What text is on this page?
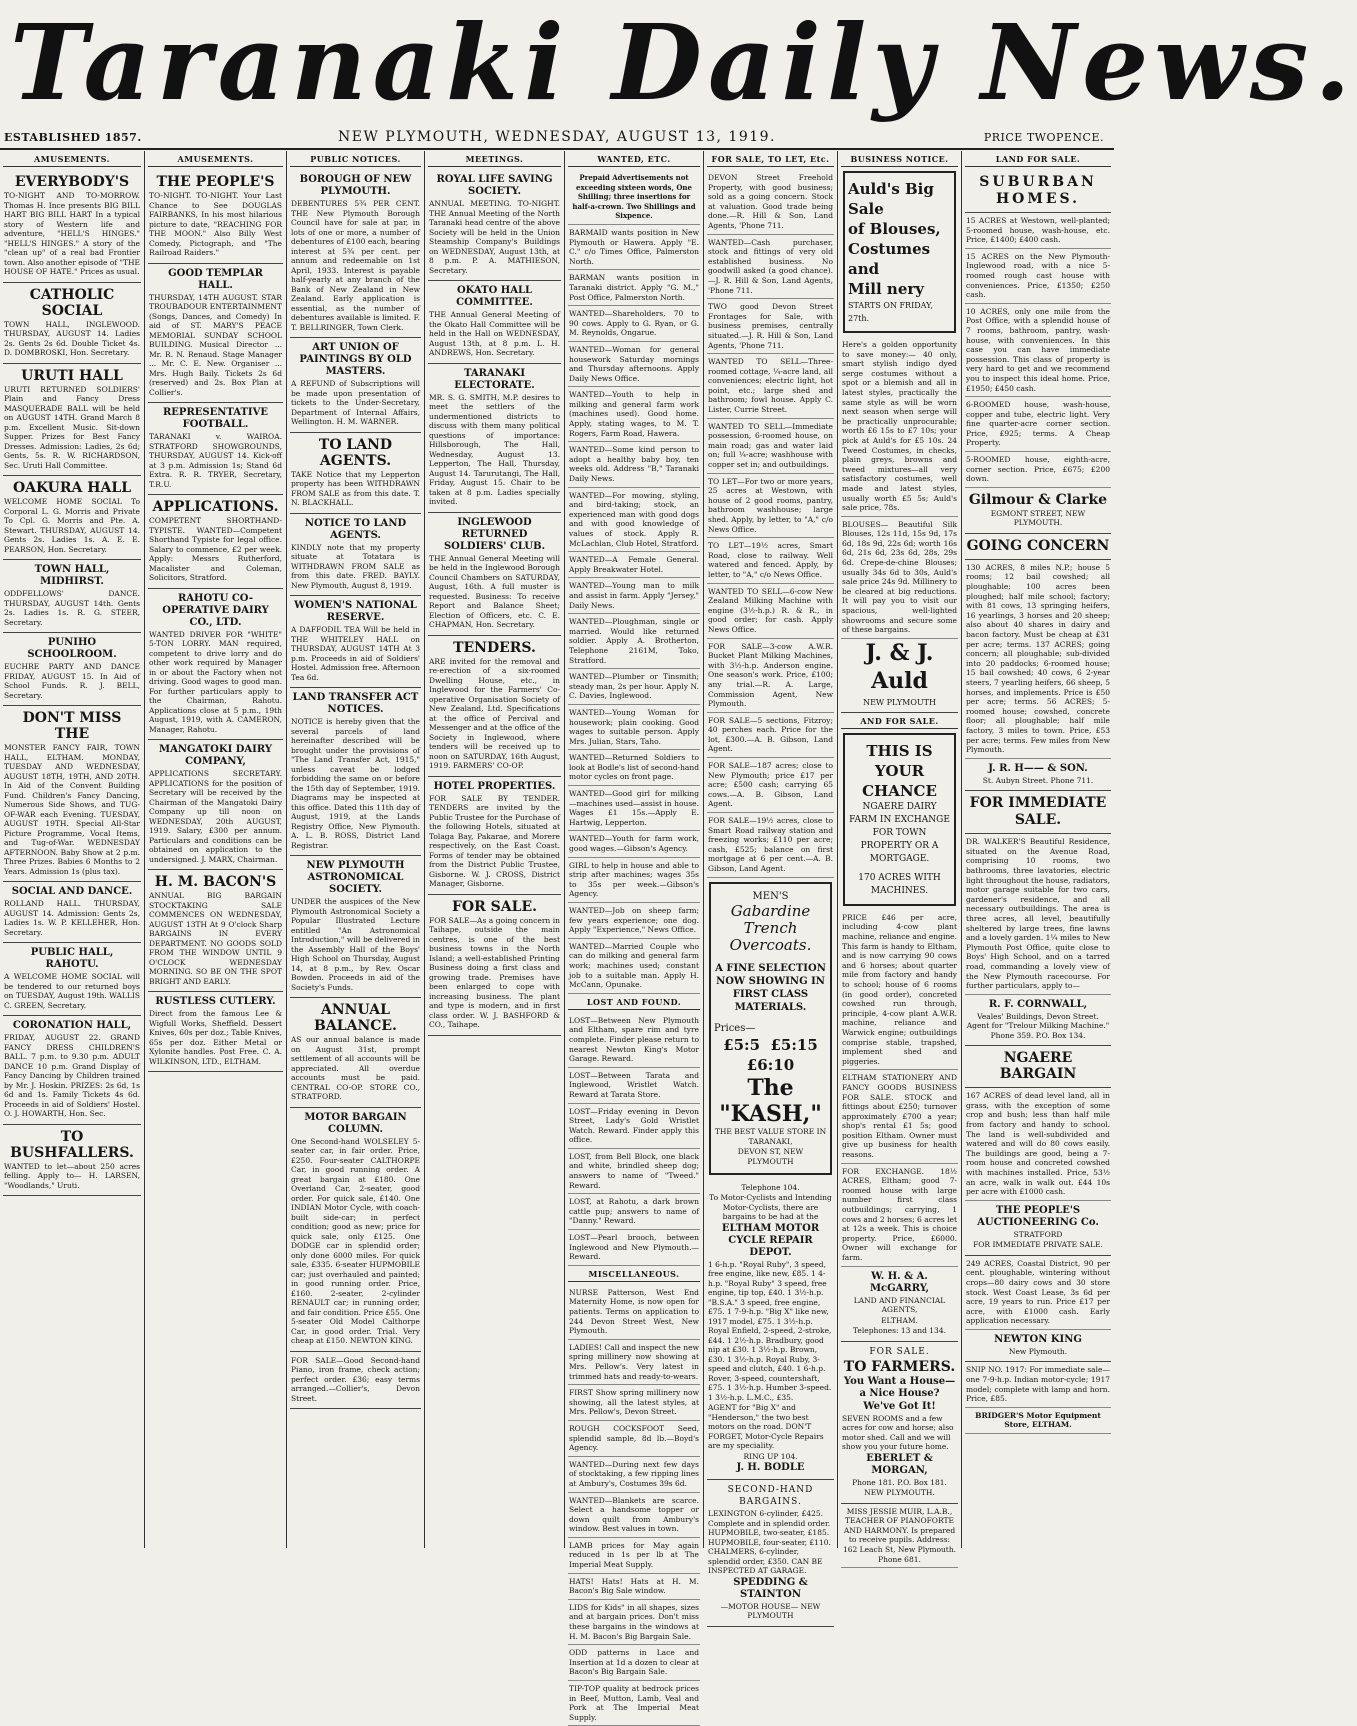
Taranaki Daily News.
ESTABLISHED 1857.	NEW PLYMOUTH, WEDNESDAY, AUGUST 13, 1919.	PRICE TWOPENCE.
AMUSEMENTS.

EVERYBODY'S

TO-NIGHT AND TO-MORROW. Thomas H. Ince presents BIG BILL HART BIG BILL HART In a typical story of Western life and adventure, "HELL'S HINGES." "HELL'S HINGES." A story of the "clean up" of a real bad Frontier town. Also another episode of "THE HOUSE OF HATE." Prices as usual.

CATHOLIC SOCIAL

TOWN HALL, INGLEWOOD. THURSDAY, AUGUST 14. Ladies 2s. Gents 2s 6d. Double Ticket 4s. D. DOMBROSKI, Hon. Secretary.

URUTI HALL

URUTI RETURNED SOLDIERS' Plain and Fancy Dress MASQUERADE BALL will be held on AUGUST 14TH. Grand March 8 p.m. Excellent Music. Sit-down Supper. Prizes for Best Fancy Dresses. Admission: Ladies, 2s 6d; Gents, 5s. R. W. RICHARDSON, Sec. Uruti Hall Committee.

OAKURA HALL

WELCOME HOME SOCIAL To Corporal L. G. Morris and Private To Cpl. G. Morris and Pte. A. Stewart. THURSDAY, AUGUST 14. Gents 2s. Ladies 1s. A. E. E. PEARSON, Hon. Secretary.

TOWN HALL, MIDHIRST.

ODDFELLOWS' DANCE. THURSDAY, AUGUST 14th. Gents 2s. Ladies 1s. R. G. STEER, Secretary.

PUNIHO SCHOOLROOM.

EUCHRE PARTY AND DANCE FRIDAY, AUGUST 15. In Aid of School Funds. R. J. BELL, Secretary.

DON'T MISS THE

MONSTER FANCY FAIR, TOWN HALL, ELTHAM. MONDAY, TUESDAY AND WEDNESDAY, AUGUST 18TH, 19TH, AND 20TH. In Aid of the Convent Building Fund. Children's Fancy Dancing, Numerous Side Shows, and TUG-OF-WAR each Evening. TUESDAY, AUGUST 19TH. Special All-Star Picture Programme, Vocal Items, and Tug-of-War. WEDNESDAY AFTERNOON. Baby Show at 2 p.m. Three Prizes. Babies 6 Months to 2 Years. Admission 1s (plus tax).

SOCIAL AND DANCE.

ROLLAND HALL. THURSDAY, AUGUST 14. Admission: Gents 2s, Ladies 1s. W. P. KELLEHER, Hon. Secretary.

PUBLIC HALL, RAHOTU.

A WELCOME HOME SOCIAL will be tendered to our returned boys on TUESDAY, August 19th. WALLIS C. GREEN, Secretary.

CORONATION HALL,

FRIDAY, AUGUST 22. GRAND FANCY DRESS CHILDREN'S BALL. 7 p.m. to 9.30 p.m. ADULT DANCE 10 p.m. Grand Display of Fancy Dancing by Children trained by Mr. J. Hoskin. PRIZES: 2s 6d, 1s 6d and 1s. Family Tickets 4s 6d. Proceeds in aid of Soldiers' Hostel. O. J. HOWARTH, Hon. Sec.

TO BUSHFALLERS.

WANTED to let—about 250 acres felling. Apply to— H. LARSEN, "Woodlands," Uruti.

AMUSEMENTS.

THE PEOPLE'S

TO-NIGHT. TO-NIGHT. Your Last Chance to See DOUGLAS FAIRBANKS, In his most hilarious picture to date, "REACHING FOR THE MOON." Also Billy West Comedy, Pictograph, and "The Railroad Raiders."

GOOD TEMPLAR HALL.

THURSDAY, 14TH AUGUST. STAR TROUBADOUR ENTERTAINMENT (Songs, Dances, and Comedy) In aid of ST. MARY'S PEACE MEMORIAL SUNDAY SCHOOL BUILDING. Musical Director ... Mr. R. N. Renaud. Stage Manager ... Mr. C. E. New. Organiser ... Mrs. Hugh Baily. Tickets 2s 6d (reserved) and 2s. Box Plan at Collier's.

REPRESENTATIVE FOOTBALL.

TARANAKI v. WAIROA. STRATFORD SHOWGROUNDS, THURSDAY, AUGUST 14. Kick-off at 3 p.m. Admission 1s; Stand 6d Extra. R. R. TRYER, Secretary, T.R.U.

APPLICATIONS.

COMPETENT SHORTHAND-TYPISTE. WANTED—Competent Shorthand Typiste for legal office. Salary to commence, £2 per week. Apply: Messrs Rutherford, Macalister and Coleman, Solicitors, Stratford.

RAHOTU CO-OPERATIVE DAIRY CO., LTD.

WANTED DRIVER FOR "WHITE" 5-TON LORRY. MAN required, competent to drive lorry and do other work required by Manager in or about the Factory when not driving. Good wages to good man. For further particulars apply to the Chairman, Rahotu. Applications close at 5 p.m., 19th August, 1919, with A. CAMERON, Manager, Rahotu.

MANGATOKI DAIRY COMPANY,

APPLICATIONS SECRETARY. APPLICATIONS for the position of Secretary will be received by the Chairman of the Mangatoki Dairy Company up till noon on WEDNESDAY, 20th AUGUST, 1919. Salary, £300 per annum. Particulars and conditions can be obtained on application to the undersigned. J. MARX, Chairman.

H. M. BACON'S

ANNUAL BIG BARGAIN STOCKTAKING SALE COMMENCES ON WEDNESDAY, AUGUST 13TH At 9 O'clock Sharp BARGAINS IN EVERY DEPARTMENT. NO GOODS SOLD FROM THE WINDOW UNTIL 9 O'CLOCK WEDNESDAY MORNING. SO BE ON THE SPOT BRIGHT AND EARLY.

RUSTLESS CUTLERY.

Direct from the famous Lee & Wigfull Works, Sheffield. Dessert Knives, 60s per doz.; Table Knives, 65s per doz. Either Metal or Xylonite handles. Post Free. C. A. WILKINSON, LTD., ELTHAM.

PUBLIC NOTICES.

BOROUGH OF NEW PLYMOUTH.

DEBENTURES 5¾ PER CENT. THE New Plymouth Borough Council have for sale at par, in lots of one or more, a number of debentures of £100 each, bearing interest at 5¾ per cent. per annum and redeemable on 1st April, 1933. Interest is payable half-yearly at any branch of the Bank of New Zealand in New Zealand. Early application is essential, as the number of debentures available is limited. F. T. BELLRINGER, Town Clerk.

ART UNION OF PAINTINGS BY OLD MASTERS.

A REFUND of Subscriptions will be made upon presentation of tickets to the Under-Secretary, Department of Internal Affairs, Wellington. H. M. WARNER.

TO LAND AGENTS.

TAKE Notice that my Lepperton property has been WITHDRAWN FROM SALE as from this date. T. N. BLACKHALL.

NOTICE TO LAND AGENTS.

KINDLY note that my property situate at Totatara is WITHDRAWN FROM SALE as from this date. FRED. BAYLY. New Plymouth, August 8, 1919.

WOMEN'S NATIONAL RESERVE.

A DAFFODIL TEA Will be held in THE WHITELEY HALL on THURSDAY, AUGUST 14TH At 3 p.m. Proceeds in aid of Soldiers' Hostel. Admission free. Afternoon Tea 6d.

LAND TRANSFER ACT NOTICES.

NOTICE is hereby given that the several parcels of land hereinafter described will be brought under the provisions of "The Land Transfer Act, 1915," unless caveat be lodged forbidding the same on or before the 15th day of September, 1919. Diagrams may be inspected at this office. Dated this 11th day of August, 1919, at the Lands Registry Office, New Plymouth. A. L. B. ROSS, District Land Registrar.

NEW PLYMOUTH ASTRONOMICAL SOCIETY.

UNDER the auspices of the New Plymouth Astronomical Society a Popular Illustrated Lecture entitled "An Astronomical Introduction," will be delivered in the Assembly Hall of the Boys' High School on Thursday, August 14, at 8 p.m., by Rev. Oscar Bowden. Proceeds in aid of the Society's Funds.

ANNUAL BALANCE.

AS our annual balance is made on August 31st, prompt settlement of all accounts will be appreciated. All overdue accounts must be paid. CENTRAL CO-OP. STORE CO., STRATFORD.

MOTOR BARGAIN COLUMN.

One Second-hand WOLSELEY 5-seater car, in fair order. Price, £250. Four-seater CALTHORPE Car, in good running order. A great bargain at £180. One Overland Car, 2-seater, good order. For quick sale, £140. One INDIAN Motor Cycle, with coach-built side-car; in perfect condition; good as new; price for quick sale, only £125. One DODGE car in splendid order; only done 6000 miles. For quick sale, £335. 6-seater HUPMOBILE car; just overhauled and painted; in good running order. Price, £160. 2-seater, 2-cylinder RENAULT car; in running order, and fair condition. Price £55. One 5-seater Old Model Calthorpe Car, in good order. Trial. Very cheap at £150. NEWTON KING.

FOR SALE—Good Second-hand Piano, iron frame, check action; perfect order. £36; easy terms arranged.—Collier's, Devon Street.

MEETINGS.

ROYAL LIFE SAVING SOCIETY.

ANNUAL MEETING. TO-NIGHT. THE Annual Meeting of the North Taranaki head centre of the above Society will be held in the Union Steamship Company's Buildings on WEDNESDAY, August 13th, at 8 p.m. P. A. MATHIESON, Secretary.

OKATO HALL COMMITTEE.

THE Annual General Meeting of the Okato Hall Committee will be held in the Hall on WEDNESDAY, August 13th, at 8 p.m. L. H. ANDREWS, Hon. Secretary.

TARANAKI ELECTORATE.

MR. S. G. SMITH, M.P. desires to meet the settlers of the undermentioned districts to discuss with them many political questions of importance: Hillsborough, The Hall, Wednesday, August 13. Lepperton, The Hall, Thursday, August 14. Tarurutangi, The Hall, Friday, August 15. Chair to be taken at 8 p.m. Ladies specially invited.

INGLEWOOD RETURNED SOLDIERS' CLUB.

THE Annual General Meeting will be held in the Inglewood Borough Council Chambers on SATURDAY, August, 16th. A full muster is requested. Business: To receive Report and Balance Sheet; Election of Officers, etc. C. E. CHAPMAN, Hon. Secretary.

TENDERS.

ARE invited for the removal and re-erection of a six-roomed Dwelling House, etc., in Inglewood for the Farmers' Co-operative Organisation Society of New Zealand, Ltd. Specifications at the office of Percival and Messenger and at the office of the Society in Inglewood, where tenders will be received up to noon on SATURDAY, 16th August, 1919. FARMERS' CO-OP.

HOTEL PROPERTIES.

FOR SALE BY TENDER. TENDERS are invited by the Public Trustee for the Purchase of the following Hotels, situated at Tolaga Bay, Pakarae, and Morere respectively, on the East Coast. Forms of tender may be obtained from the District Public Trustee, Gisborne. W. J. CROSS, District Manager, Gisborne.

FOR SALE.

FOR SALE—As a going concern in Taihape, outside the main centres, is one of the best business towns in the North Island; a well-established Printing Business doing a first class and growing trade. Premises have been enlarged to cope with increasing business. The plant and type is modern, and in first class order. W. J. BASHFORD & CO., Taihape.

WANTED, ETC.
Prepaid Advertisements not exceeding sixteen words, One Shilling; three insertions for half-a-crown. Two Shillings and Sixpence.
BARMAID wants position in New Plymouth or Hawera. Apply "E. C." c/o Times Office, Palmerston North.
BARMAN wants position in Taranaki district. Apply "G. M.," Post Office, Palmerston North.
WANTED—Shareholders, 70 to 90 cows. Apply to G. Ryan, or G. M. Reynolds, Ongarue.
WANTED—Woman for general housework Saturday mornings and Thursday afternoons. Apply Daily News Office.
WANTED—Youth to help in milking and general farm work (machines used). Good home. Apply, stating wages, to M. T. Rogers, Farm Road, Hawera.
WANTED—Some kind person to adopt a healthy baby boy, ten weeks old. Address "B," Taranaki Daily News.
WANTED—For mowing, styling, and bird-taking; stock, an experienced man with good dogs and with good knowledge of values of stock. Apply R. McLachlan, Club Hotel, Stratford.
WANTED—A Female General. Apply Breakwater Hotel.
WANTED—Young man to milk and assist in farm. Apply "Jersey," Daily News.
WANTED—Ploughman, single or married. Would like returned soldier. Apply A. Brotherton, Telephone 2161M, Toko, Stratford.
WANTED—Plumber or Tinsmith; steady man, 2s per hour. Apply N. C. Davies, Inglewood.
WANTED—Young Woman for housework; plain cooking. Good wages to suitable person. Apply Mrs. Julian, Stars, Taho.
WANTED—Returned Soldiers to look at Bodle's list of second-hand motor cycles on front page.
WANTED—Good girl for milking—machines used—assist in house. Wages £1 15s.—Apply E. Hartwig, Lepperton.
WANTED—Youth for farm work, good wages.—Gibson's Agency.
GIRL to help in house and able to strip after machines; wages 35s to 35s per week.—Gibson's Agency.
WANTED—Job on sheep farm; few years experience; one dog. Apply "Experience," News Office.
WANTED—Married Couple who can do milking and general farm work; machines used; constant job to a suitable man. Apply H. McCann, Opunake.
LOST AND FOUND.
LOST—Between New Plymouth and Eltham, spare rim and tyre complete. Finder please return to nearest Newton King's Motor Garage. Reward.
LOST—Between Tarata and Inglewood, Wristlet Watch. Reward at Tarata Store.
LOST—Friday evening in Devon Street, Lady's Gold Wristlet Watch. Reward. Finder apply this office.
LOST, from Bell Block, one black and white, brindled sheep dog; answers to name of "Tweed." Reward.
LOST, at Rahotu, a dark brown cattle pup; answers to name of "Danny." Reward.
LOST—Pearl brooch, between Inglewood and New Plymouth.—Reward.
MISCELLANEOUS.
NURSE Patterson, West End Maternity Home, is now open for patients. Terms on application to 244 Devon Street West, New Plymouth.
LADIES! Call and inspect the new spring millinery now showing at Mrs. Pellow's. Very latest in trimmed hats and ready-to-wears.
FIRST Show spring millinery now showing, all the latest styles, at Mrs. Pellow's, Devon Street.
ROUGH COCKSFOOT Seed, splendid sample, 8d lb.—Boyd's Agency.
WANTED—During next few days of stocktaking, a few ripping lines at Ambury's, Costumes 39s 6d.
WANTED—Blankets are scarce. Select a handsome topper or down quilt from Ambury's window. Best values in town.
LAMB prices for May again reduced in 1s per lb at The Imperial Meat Supply.
HATS! Hats! Hats at H. M. Bacon's Big Sale window.
LIDS for Kids" in all shapes, sizes and at bargain prices. Don't miss these bargains in the windows at H. M. Bacon's Big Bargain Sale.
ODD patterns in Lace and Insertion at 1d a dozen to clear at Bacon's Big Bargain Sale.
TIP-TOP quality at bedrock prices in Beef, Mutton, Lamb, Veal and Pork at The Imperial Meat Supply.
FOR SALE, TO LET, Etc.
DEVON Street Freehold Property, with good business; sold as a going concern. Stock at valuation. Good trade being done.—R. Hill & Son, Land Agents, 'Phone 711.
WANTED—Cash purchaser, stock and fittings of very old established business. No goodwill asked (a good chance).—J. R. Hill & Son, Land Agents, 'Phone 711.
TWO good Devon Street Frontages for Sale, with business premises, centrally situated.—J. R. Hill & Son, Land Agents, 'Phone 711.
WANTED TO SELL—Three-roomed cottage, ¼-acre land, all conveniences; electric light, hot point, etc.; large shed and bathroom; fowl house. Apply C. Lister, Currie Street.
WANTED TO SELL—Immediate possession, 6-roomed house, on main road; gas and water laid on; full ¼-acre; washhouse with copper set in; and outbuildings.
TO LET—For two or more years, 25 acres at Westown, with house of 2 good rooms, pantry, bathroom washhouse; large shed. Apply, by letter, to "A," c/o News Office.
TO LET—19½ acres, Smart Road, close to railway. Well watered and fenced. Apply, by letter, to "A," c/o News Office.
WANTED TO SELL—6-cow New Zealand Milking Machine with engine (3½-h.p.) R. & R., in good order; for cash. Apply News Office.
FOR SALE—3-cow A.W.R. Bucket Plant Milking Machines, with 3½-h.p. Anderson engine. One season's work. Price, £100; any trial.—R. A. Large, Commission Agent, New Plymouth.
FOR SALE—5 sections, Fitzroy; 40 perches each. Price for the lot, £300.—A. B. Gibson, Land Agent.
FOR SALE—187 acres; close to New Plymouth; price £17 per acre; £500 cash; carrying 65 cows.—A. B. Gibson, Land Agent.
FOR SALE—19½ acres, close to Smart Road railway station and freezing works; £110 per acre; cash, £525; balance on first mortgage at 6 per cent.—A. B. Gibson, Land Agent.
MEN'S
Gabardine
Trench
Overcoats.
A FINE SELECTION NOW SHOWING IN FIRST CLASS MATERIALS.
Prices—
£5:5 £5:15
£6:10
The "KASH,"
THE BEST VALUE STORE IN TARANAKI,
DEVON ST, NEW PLYMOUTH

Telephone 104.

To Motor-Cyclists and Intending Motor-Cyclists, there are bargains to be had at the

ELTHAM MOTOR CYCLE REPAIR DEPOT.

1 6-h.p. "Royal Ruby", 3 speed, free engine, like new, £85. 1 4-h.p. "Royal Ruby" 3 speed, free engine, tip top, £40. 1 3½-h.p. "B.S.A." 3 speed, free engine, £75. 1 7-9-h.p. "Big X" like new, 1917 model, £75. 1 3½-h.p. Royal Enfield, 2-speed, 2-stroke, £44. 1 2½-h.p. Bradbury, good nip at £30. 1 3½-h.p. Brown, £30. 1 3½-h.p. Royal Ruby, 3-speed and clutch, £40. 1 6-h.p. Rover, 3-speed, countershaft, £75. 1 3½-h.p. Humber 3-speed. 1 3½-h.p. L.M.C., £35.

AGENT for "Big X" and "Henderson," the two best motors on the road. DON'T FORGET, Motor-Cycle Repairs are my speciality.

RING UP 104.

J. H. BODLE

SECOND-HAND BARGAINS.

LEXINGTON 6-cylinder, £425. Complete and in splendid order. HUPMOBILE, two-seater, £185. HUPMOBILE, four-seater, £110. CHALMERS, 6-cylinder, splendid order, £350. CAN BE INSPECTED AT GARAGE.

SPEDDING & STAINTON

—MOTOR HOUSE— NEW PLYMOUTH

BUSINESS NOTICE.
Auld's Big Sale
of Blouses,
Costumes and
Mill nery
STARTS ON FRIDAY, 27th.
Here's a golden opportunity to save money:— 40 only, smart stylish indigo dyed serge costumes without a spot or a blemish and all in latest styles, practically the same style as will be worn next season when serge will be practically unprocurable; worth £6 15s to £7 10s; your pick at Auld's for £5 10s. 24 Tweed Costumes, in checks, plain greys, browns and tweed mixtures—all very satisfactory costumes, well made and latest styles, usually worth £5 5s; Auld's sale price, 78s.
BLOUSES— Beautiful Silk Blouses, 12s 11d, 15s 9d, 17s 6d, 18s 9d, 22s 6d; worth 16s 6d, 21s 6d, 23s 6d, 28s, 29s 6d. Crepe-de-chine Blouses; usually 34s 6d to 30s, Auld's sale price 24s 9d. Millinery to be cleared at big reductions. It will pay you to visit our spacious, well-lighted showrooms and secure some of these bargains.
J. & J. Auld
NEW PLYMOUTH
AND FOR SALE.
THIS IS YOUR
CHANCE
NGAERE DAIRY FARM IN EXCHANGE FOR TOWN PROPERTY OR A MORTGAGE.
170 ACRES WITH MACHINES.
PRICE £46 per acre, including 4-cow plant machine, reliance and engine. This farm is handy to Eltham, and is now carrying 90 cows and 6 horses; about quarter mile from factory and handy to school; house of 6 rooms (in good order), concreted cowshed run through, principle, 4-cow plant A.W.R. machine, reliance and Warwick engine; outbuildings comprise stable, trapshed, implement shed and piggeries.
ELTHAM STATIONERY AND FANCY GOODS BUSINESS FOR SALE. STOCK and fittings about £250; turnover approximately £700 a year; shop's rental £1 5s; good position Eltham. Owner must give up business for health reasons.
FOR EXCHANGE. 18½ ACRES, Eltham; good 7-roomed house with large number first class outbuildings; carrying, 1 cows and 2 horses; 6 acres let at 12s a week. This is choice property. Price, £6000. Owner will exchange for farm.

W. H. & A. McGARRY,

LAND AND FINANCIAL AGENTS,

ELTHAM.

Telephones: 13 and 134.

FOR SALE.

TO FARMERS.

You Want a House—a Nice House?

We've Got It!

SEVEN ROOMS and a few acres for cow and horse; also motor shed. Call and we will show you your future home.

EBERLET & MORGAN,

Phone 181. P.O. Box 181.

NEW PLYMOUTH.

MISS JESSIE MUIR, L.A.B., TEACHER OF PIANOFORTE AND HARMONY. Is prepared to receive pupils. Address: 162 Leach St, New Plymouth. Phone 681.
LAND FOR SALE.

SUBURBAN

HOMES.

15 ACRES at Westown, well-planted; 5-roomed house, wash-house, etc. Price, £1400; £400 cash.
15 ACRES on the New Plymouth-Inglewood road, with a nice 5-roomed rough cast house with conveniences. Price, £1350; £250 cash.
10 ACRES, only one mile from the Post Office, with a splendid house of 7 rooms, bathroom, pantry, wash-house, with conveniences. In this case you can have immediate possession. This class of property is very hard to get and we recommend you to inspect this ideal home. Price, £1950; £450 cash.
6-ROOMED house, wash-house, copper and tube, electric light. Very fine quarter-acre corner section. Price, £925; terms. A Cheap Property.
5-ROOMED house, eighth-acre, corner section. Price, £675; £200 down.

Gilmour & Clarke

EGMONT STREET, NEW PLYMOUTH.

GOING CONCERN

130 ACRES, 8 miles N.P.; house 5 rooms; 12 bail cowshed; all ploughable; 100 acres been ploughed; half mile school; factory; with 81 cows, 13 springing heifers, 16 yearlings, 3 horses and 20 sheep; also about 40 shares in dairy and bacon factory. Must be cheap at £31 per acre; terms. 137 ACRES; going concern; all ploughable; sub-divided into 20 paddocks; 6-roomed house; 15 bail cowshed; 40 cows, 6 2-year steers, 7 yearling heifers, 66 sheep, 5 horses, and implements. Price is £50 per acre; terms. 56 ACRES; 5-roomed house; cowshed, concrete floor; all ploughable; half mile factory, 3 miles to town. Price, £53 per acre; terms. Few miles from New Plymouth.

J. R. H—— & SON.

St. Aubyn Street. Phone 711.

FOR IMMEDIATE

SALE.

DR. WALKER'S Beautiful Residence, situated on the Avenue Road, comprising 10 rooms, two bathrooms, three lavatories, electric light throughout the house, radiators, motor garage suitable for two cars, gardener's residence, and all necessary outbuildings. The area is three acres, all level, beautifully sheltered by large trees, fine lawns and a lovely garden. 1¼ miles to New Plymouth Post Office, quite close to Boys' High School, and on a tarred road, commanding a lovely view of the New Plymouth racecourse. For further particulars, apply to—

R. F. CORNWALL,

Veales' Buildings, Devon Street. Agent for "Trelour Milking Machine." Phone 359. P.O. Box 134.

NGAERE BARGAIN

167 ACRES of dead level land, all in grass, with the exception of some crop and bush; less than half mile from factory and handy to school. The land is well-subdivided and watered and will do 80 cows easily. The buildings are good, being a 7-room house and concreted cowshed with machines installed. Price, 53½ an acre, walk in walk out. £44 10s per acre with £1000 cash.

THE PEOPLE'S AUCTIONEERING Co.

STRATFORD

FOR IMMEDIATE PRIVATE SALE.

249 ACRES, Coastal District, 90 per cent. ploughable, wintering without crops—80 dairy cows and 30 store stock. West Coast Lease, 3s 6d per acre, 19 years to run. Price £17 per acre, with £1000 cash. Early application necessary.

NEWTON KING

New Plymouth.

SNIP NO. 1917: For immediate sale—one 7-9-h.p. Indian motor-cycle; 1917 model; complete with lamp and horn. Price, £85.
BRIDGER'S Motor Equipment Store, ELTHAM.
